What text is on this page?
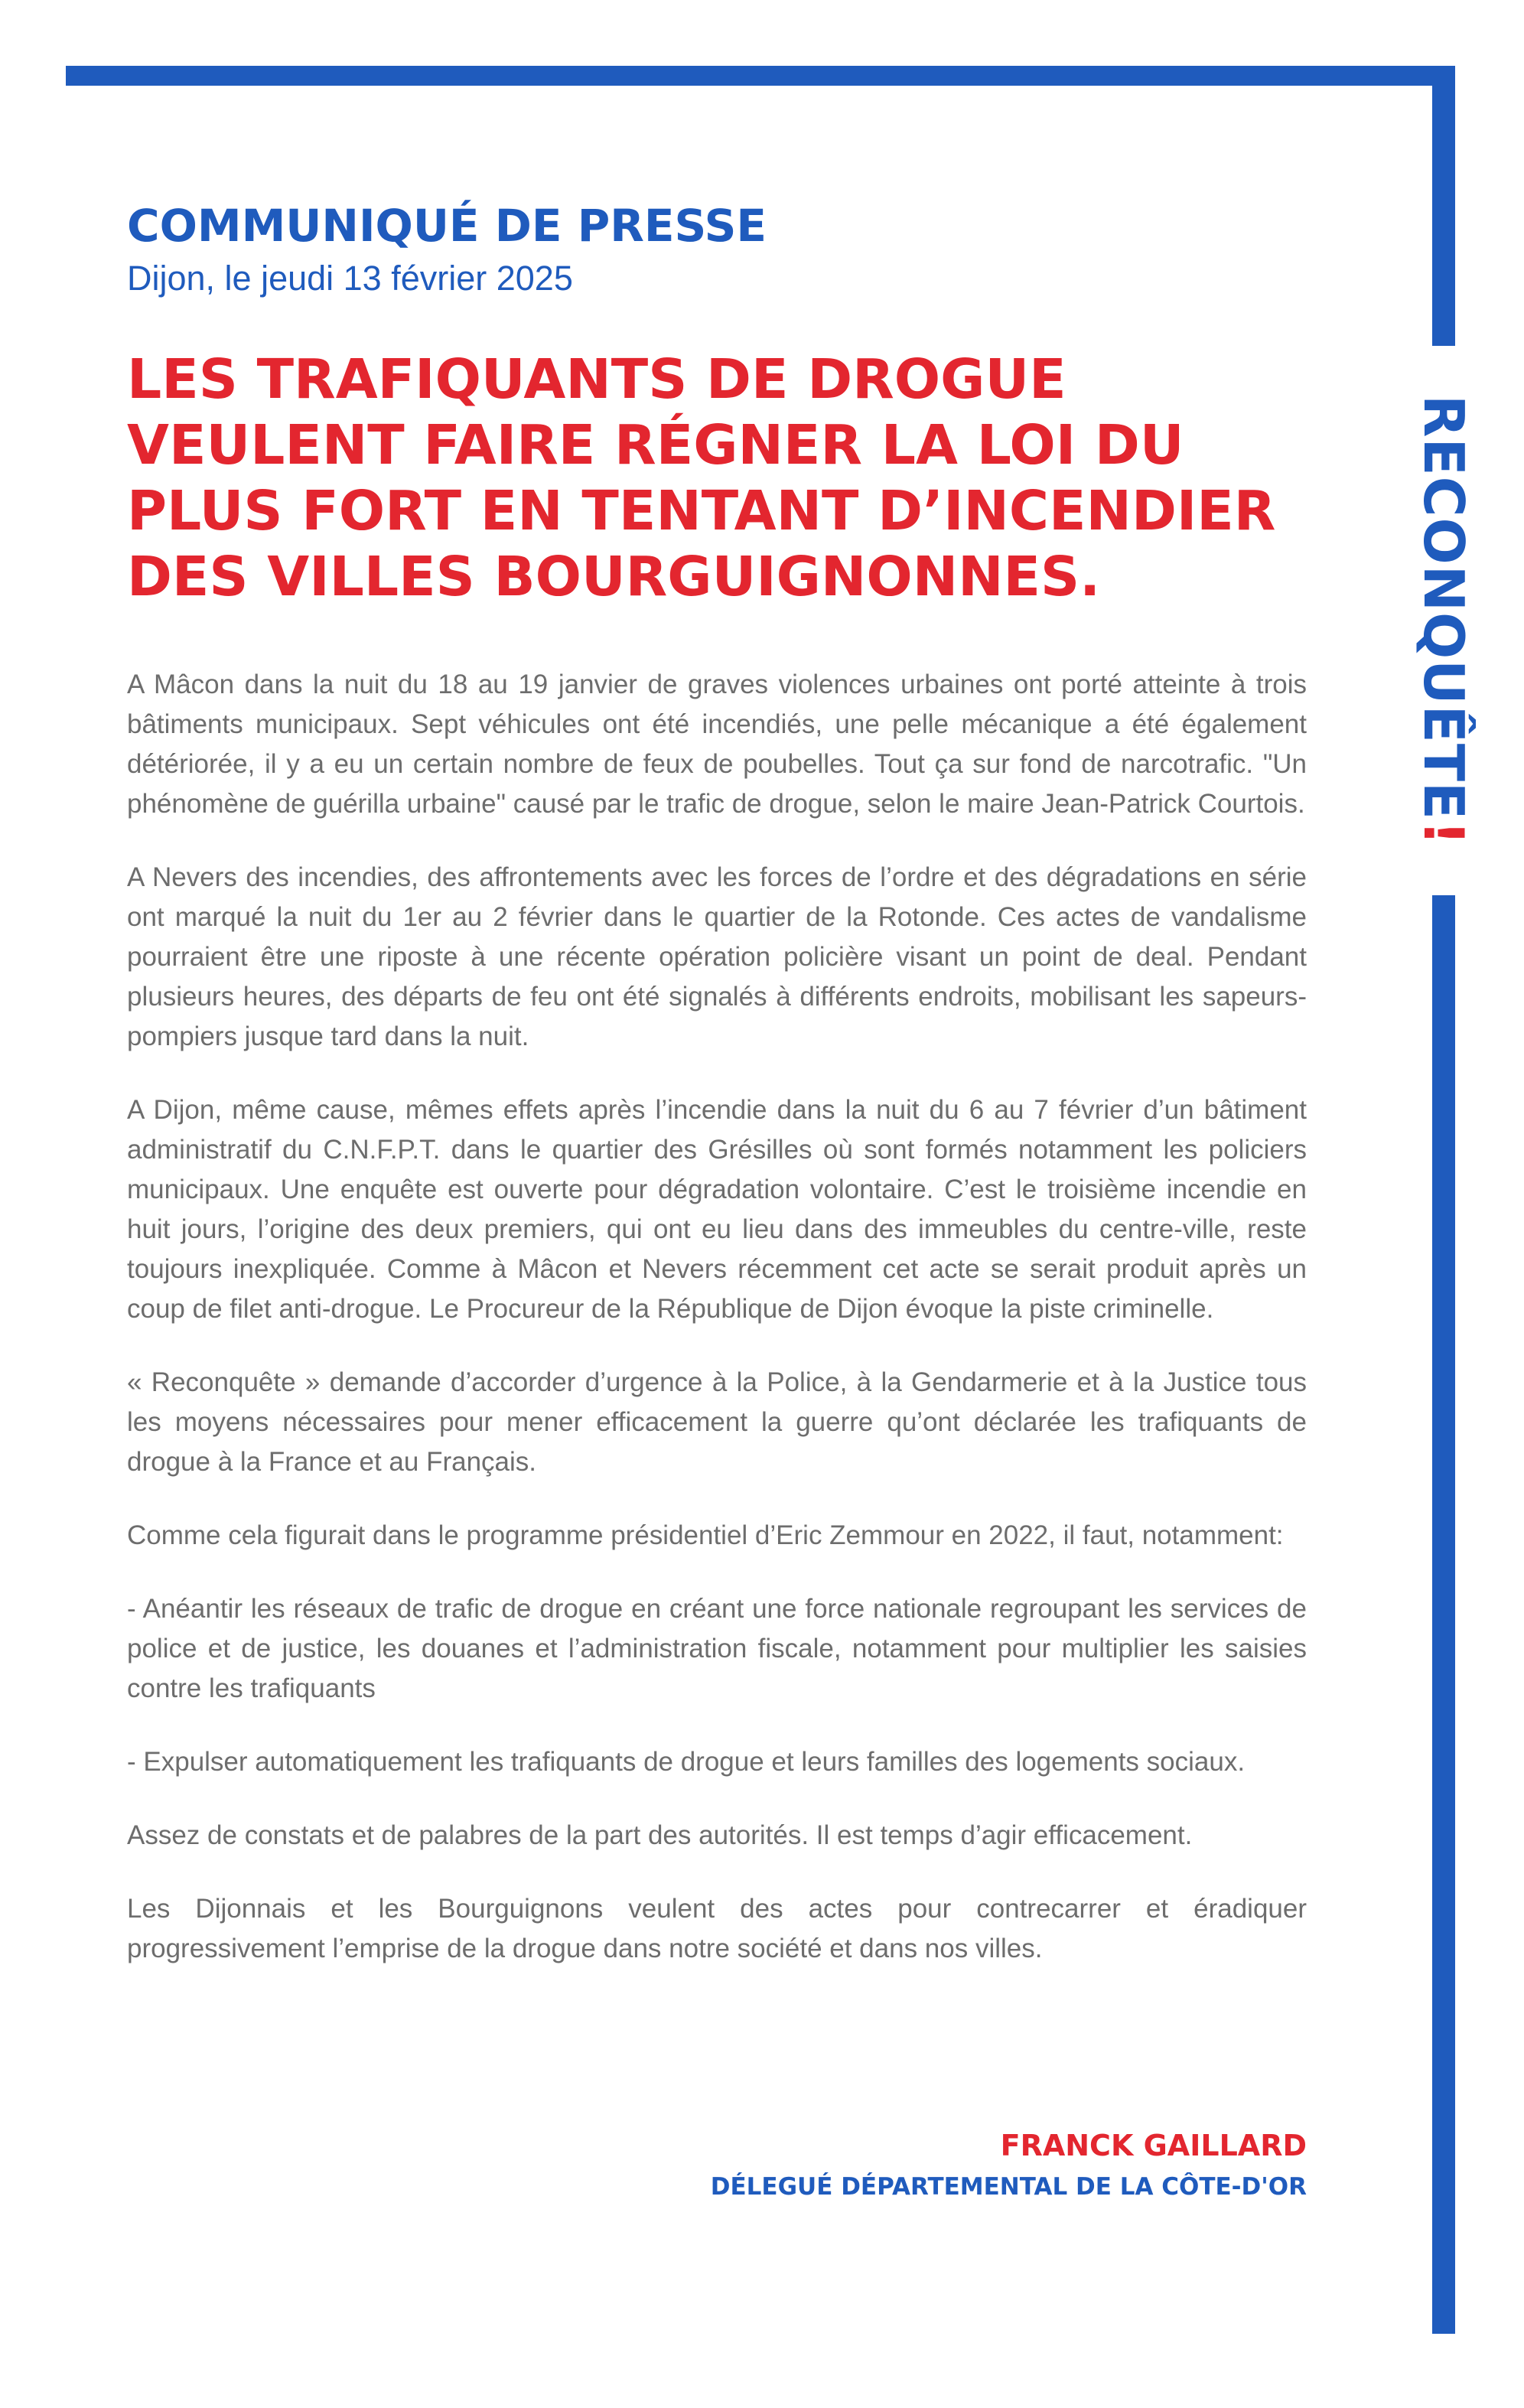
RECONQUÊTE!
COMMUNIQUÉ DE PRESSE
Dijon, le jeudi 13 février 2025
LES TRAFIQUANTS DE DROGUE VEULENT FAIRE RÉGNER LA LOI DU PLUS FORT EN TENTANT D’INCENDIER DES VILLES BOURGUIGNONNES.

A Mâcon dans la nuit du 18 au 19 janvier de graves violences urbaines ont porté atteinte à trois bâtiments municipaux. Sept véhicules ont été incendiés, une pelle mécanique a été également détériorée, il y a eu un certain nombre de feux de poubelles. Tout ça sur fond de narcotrafic. "Un phénomène de guérilla urbaine" causé par le trafic de drogue, selon le maire Jean-Patrick Courtois.

A Nevers des incendies, des affrontements avec les forces de l’ordre et des dégradations en série ont marqué la nuit du 1er au 2 février dans le quartier de la Rotonde. Ces actes de vandalisme pourraient être une riposte à une récente opération policière visant un point de deal. Pendant plusieurs heures, des départs de feu ont été signalés à différents endroits, mobilisant les sapeurs-pompiers jusque tard dans la nuit.

A Dijon, même cause, mêmes effets après l’incendie dans la nuit du 6 au 7 février d’un bâtiment administratif du C.N.F.P.T. dans le quartier des Grésilles où sont formés notamment les policiers municipaux. Une enquête est ouverte pour dégradation volontaire. C’est le troisième incendie en huit jours, l’origine des deux premiers, qui ont eu lieu dans des immeubles du centre-ville, reste toujours inexpliquée. Comme à Mâcon et Nevers récemment cet acte se serait produit après un coup de filet anti-drogue. Le Procureur de la République de Dijon évoque la piste criminelle.

« Reconquête » demande d’accorder d’urgence à la Police, à la Gendarmerie et à la Justice tous les moyens nécessaires pour mener efficacement la guerre qu’ont déclarée les trafiquants de drogue à la France et au Français.

Comme cela figurait dans le programme présidentiel d’Eric Zemmour en 2022, il faut, notamment:

- Anéantir les réseaux de trafic de drogue en créant une force nationale regroupant les services de police et de justice, les douanes et l’administration fiscale, notamment pour multiplier les saisies contre les trafiquants

- Expulser automatiquement les trafiquants de drogue et leurs familles des logements sociaux.

Assez de constats et de palabres de la part des autorités. Il est temps d’agir efficacement.

Les Dijonnais et les Bourguignons veulent des actes pour contrecarrer et éradiquer progressivement l’emprise de la drogue dans notre société et dans nos villes.

FRANCK GAILLARD
DÉLEGUÉ DÉPARTEMENTAL DE LA CÔTE-D'OR
